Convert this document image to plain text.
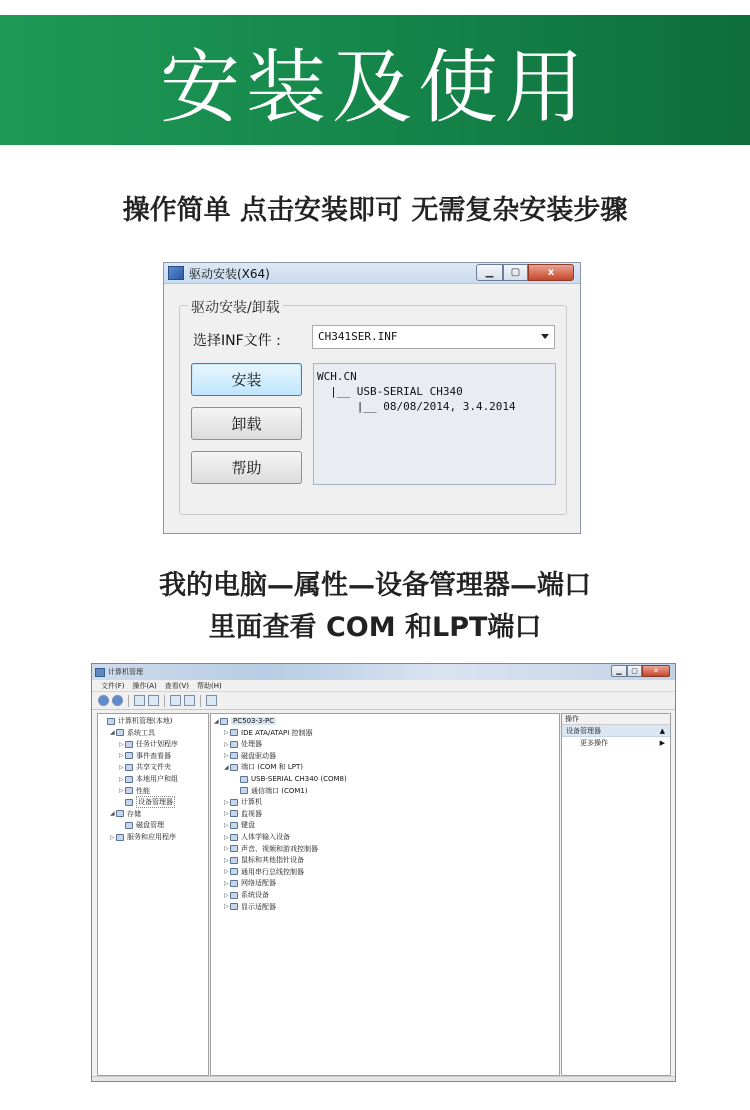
安装及使用
操作简单 点击安装即可 无需复杂安装步骤
驱动安装(X64)	▁ ▢	x
驱动安装/卸载
选择INF文件 :	CH341SER.INF
安装
卸载
帮助
WCH.CN
|__ USB-SERIAL CH340
|__ 08/08/2014, 3.4.2014
我的电脑—属性—设备管理器—端口
里面查看 COM 和LPT端口
计算机管理	▁ ▢ ✕
文件(F) 操作(A) 查看(V) 帮助(H)
计算机管理(本地)
◢ 系统工具
▷ 任务计划程序
▷ 事件查看器
▷ 共享文件夹
▷ 本地用户和组
▷ 性能
设备管理器
◢ 存储
磁盘管理
▷ 服务和应用程序
◢ PC503-3-PC
▷ IDE ATA/ATAPI 控制器
▷ 处理器
▷ 磁盘驱动器
◢ 端口 (COM 和 LPT)
USB-SERIAL CH340 (COM8)
通信端口 (COM1)
▷ 计算机
▷ 监视器
▷ 键盘
▷ 人体学输入设备
▷ 声音、视频和游戏控制器
▷ 鼠标和其他指针设备
▷ 通用串行总线控制器
▷ 网络适配器
▷ 系统设备
▷ 显示适配器
操作
设备管理器	▲
更多操作	▶
